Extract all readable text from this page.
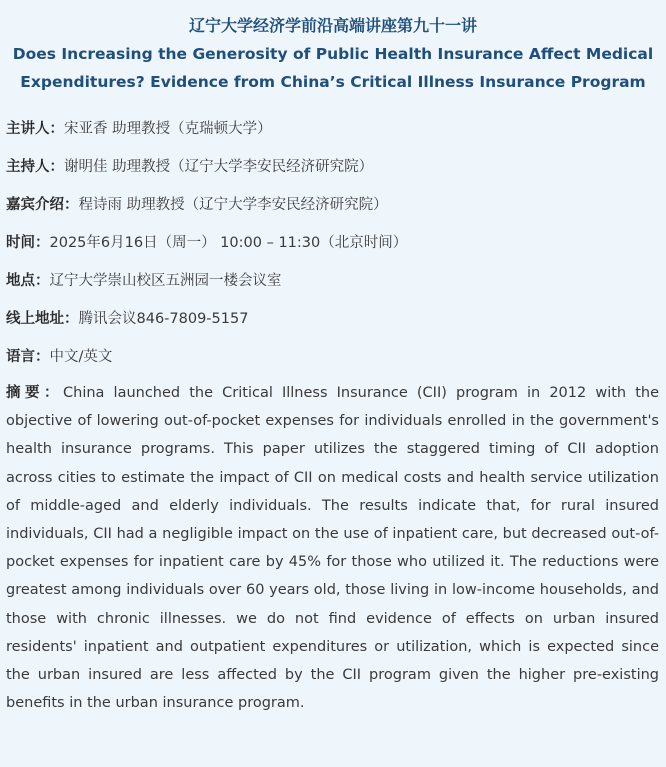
辽宁大学经济学前沿高端讲座第九十一讲
Does Increasing the Generosity of Public Health Insurance Affect Medical Expenditures? Evidence from China’s Critical Illness Insurance Program
主讲人：宋亚香 助理教授（克瑞顿大学）
主持人：谢明佳 助理教授（辽宁大学李安民经济研究院）
嘉宾介绍：程诗雨 助理教授（辽宁大学李安民经济研究院）
时间：2025年6月16日（周一） 10:00 – 11:30（北京时间）
地点：辽宁大学崇山校区五洲园一楼会议室
线上地址：腾讯会议846-7809-5157
语言：中文/英文
摘要：China launched the Critical Illness Insurance (CII) program in 2012 with the objective of lowering out-of-pocket expenses for individuals enrolled in the government's health insurance programs. This paper utilizes the staggered timing of CII adoption across cities to estimate the impact of CII on medical costs and health service utilization of middle-aged and elderly individuals. The results indicate that, for rural insured individuals, CII had a negligible impact on the use of inpatient care, but decreased out-of-pocket expenses for inpatient care by 45% for those who utilized it. The reductions were greatest among individuals over 60 years old, those living in low-income households, and those with chronic illnesses. we do not find evidence of effects on urban insured residents' inpatient and outpatient expenditures or utilization, which is expected since the urban insured are less affected by the CII program given the higher pre-existing benefits in the urban insurance program.
